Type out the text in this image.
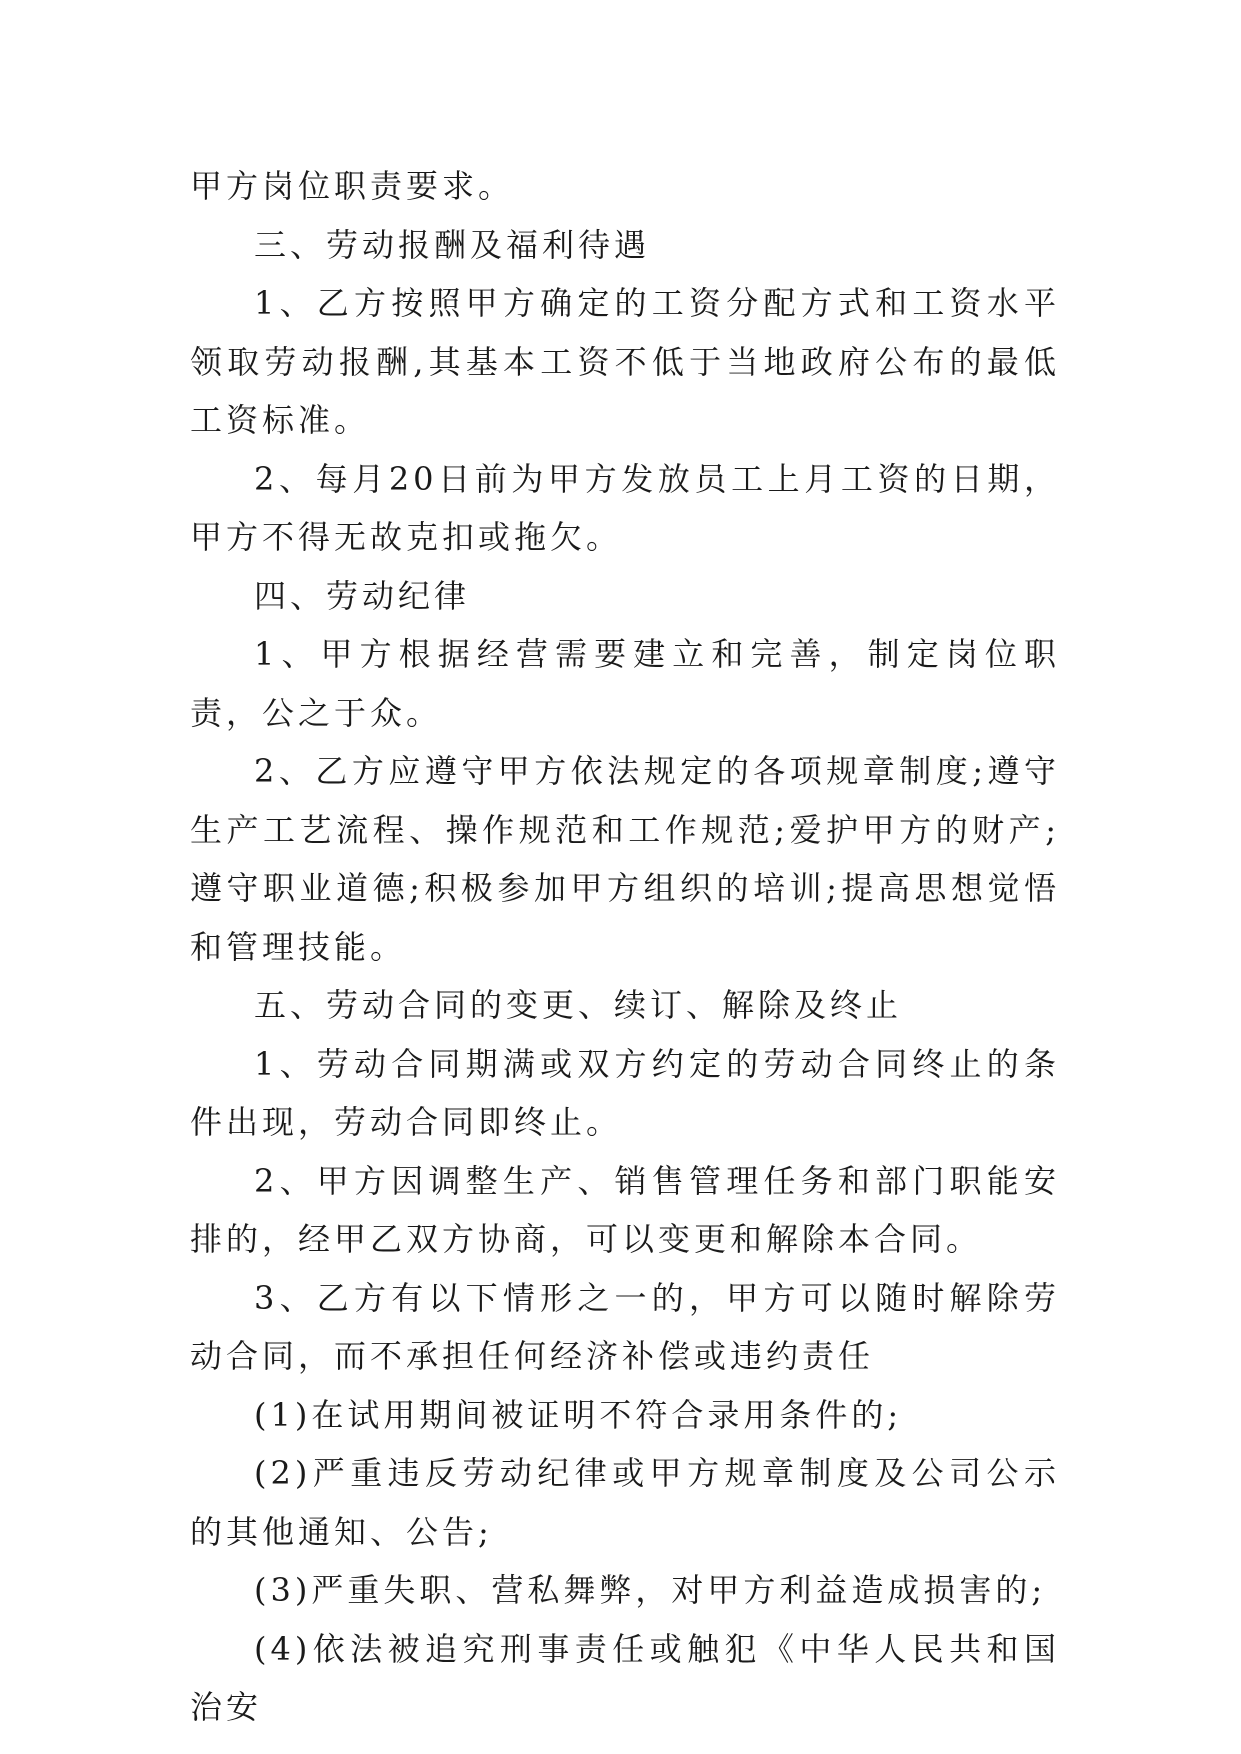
甲方岗位职责要求。

三、劳动报酬及福利待遇

1、乙方按照甲方确定的工资分配方式和工资水平领取劳动报酬,其基本工资不低于当地政府公布的最低工资标准。

2、每月20日前为甲方发放员工上月工资的日期，甲方不得无故克扣或拖欠。

四、劳动纪律

1、甲方根据经营需要建立和完善，制定岗位职责，公之于众。

2、乙方应遵守甲方依法规定的各项规章制度;遵守生产工艺流程、操作规范和工作规范;爱护甲方的财产;遵守职业道德;积极参加甲方组织的培训;提高思想觉悟和管理技能。

五、劳动合同的变更、续订、解除及终止

1、劳动合同期满或双方约定的劳动合同终止的条件出现，劳动合同即终止。

2、甲方因调整生产、销售管理任务和部门职能安排的，经甲乙双方协商，可以变更和解除本合同。

3、乙方有以下情形之一的，甲方可以随时解除劳动合同，而不承担任何经济补偿或违约责任

(1)在试用期间被证明不符合录用条件的;

(2)严重违反劳动纪律或甲方规章制度及公司公示的其他通知、公告;

(3)严重失职、营私舞弊，对甲方利益造成损害的;

(4)依法被追究刑事责任或触犯《中华人民共和国治安
